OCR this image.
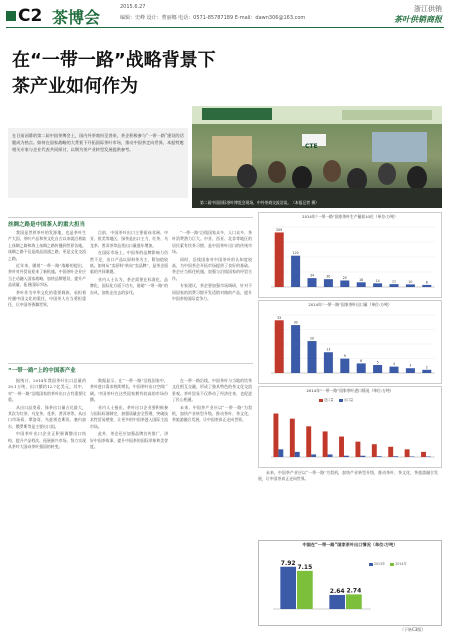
C2 茶博会
2015.6.27
编辑：史峰 设计：曹丽娜 电话：0571-85787189 E-mail：dawn306@163.com
浙江供销
茶叶供销商报
在“一带一路”战略背景下
茶产业如何作为
在日前闭幕的第二届中国茶博会上，国内外茶商纷至沓来，茶企积极参与“一带一路”建设的话题成为热点。如何在国家战略的大背景下开拓国际茶叶市场，推动中国茶走向世界，本报特邀相关专家与企业代表共同探讨，以期为茶产业转型发展提供参考。	CTE
第二届中国国际茶叶博览会现场，中外茶商交流洽谈。（本报记者 摄）
丝绸之路是中国茶人的重大担当

我国是世界茶叶的发源地，也是茶叶生产大国，茶叶产品和茶文化自古以来就沿着陆上丝绸之路和海上丝绸之路传播到世界各地。丝绸之路不仅是商品流通之路，更是文化交流之路。

近年来，随着“一带一路”战略的提出，茶叶对外贸易迎来了新机遇。中国茶叶企业应当主动融入国家战略，加快品牌建设，提升产品质量，拓展国际市场。

茶叶作为中华文化的重要载体，承担着传播中国文化的重任，中国茶人应当勇担重任，让中国茶香飘世界。

目前，中国茶叶出口主要面向非洲、中亚、欧美等地区，绿茶是出口主力，红茶、乌龙茶、普洱茶等品类出口量逐年增加。

在国际市场上，中国茶的品牌影响力仍然不足，出口产品以原料茶为主，附加值较低。如何从“卖原料”转向“卖品牌”，是茶企面临的共同课题。

业内人士认为，茶企需要在标准化、品牌化、国际化方面下功夫，借助“一带一路”的东风，加快走出去的步伐。

“一带一路”沿线国家众多，人口众多，茶叶消费潜力巨大。中亚、西亚、北非等地区的居民素有饮茶习惯，是中国茶叶出口的传统市场。

同时，沿线国家对中国茶叶的认知度较高，为中国茶企开拓市场提供了良好的基础。茶企应当抓住机遇，加强与沿线国家的经贸合作。

专家建议，茶企要加强市场调研，针对不同国家的消费习惯开发适销对路的产品，提升中国茶的国际竞争力。

“一带一路”上的中国茶产业

据统计，2014年我国茶叶出口总量约30.1万吨，出口额约12.7亿美元。其中，对“一带一路”沿线国家的茶叶出口占有重要比重。

从出口品类看，绿茶出口量占比最大，其次为红茶、乌龙茶、花茶、普洱茶等。从出口市场看，摩洛哥、乌兹别克斯坦、塞内加尔、俄罗斯等是主要出口国。

中国茶叶出口企业正积极调整出口结构，提升产品档次，拓展新兴市场，努力实现从茶叶大国向茶叶强国的转变。

数据显示，在“一带一路”沿线国家中，茶叶进口需求持续增长，中国茶叶出口空间广阔。中国茶叶在这些国家拥有较高的市场份额。

业内人士指出，茶叶出口企业要积极参与国际标准制定，加强质量安全管理，突破技术性贸易壁垒，让更多的中国茶进入国际主流市场。

此外，茶企还应加强品牌宣传推广，讲好中国茶故事，提升中国茶的国际形象和美誉度。

在一带一路沿线，中国茶叶与当地的饮茶文化相互交融，形成了独具特色的茶文化交流景观。茶叶贸易不仅带动了经济往来，也促进了民心相通。

未来，中国茶产业应以“一带一路”为契机，加快产业转型升级，推动茶叶、茶文化、茶旅游融合发展，让中国茶真正走向世界。

未来，中国茶产业应以“一带一路”为契机，加快产业转型升级，推动茶叶、茶文化、茶旅游融合发展，让中国茶真正走向世界。

（下转C3版）
2014年“一带一路”国家茶叶生产量前10位（单位:万吨）
209
120
34	30	25	18	14	11	10	8
2014年“一带一路”国家茶叶出口量（单位:万吨）
33
30
20
13
9
6	5	4	3	2
2014年“一带一路”国家茶叶进口情况（单位:万吨）
进口量	出口量
中国在“一带一路”国家茶叶出口情况（单位:万吨）
7.92
2.64
7.15
2.74
2013年	2014年
